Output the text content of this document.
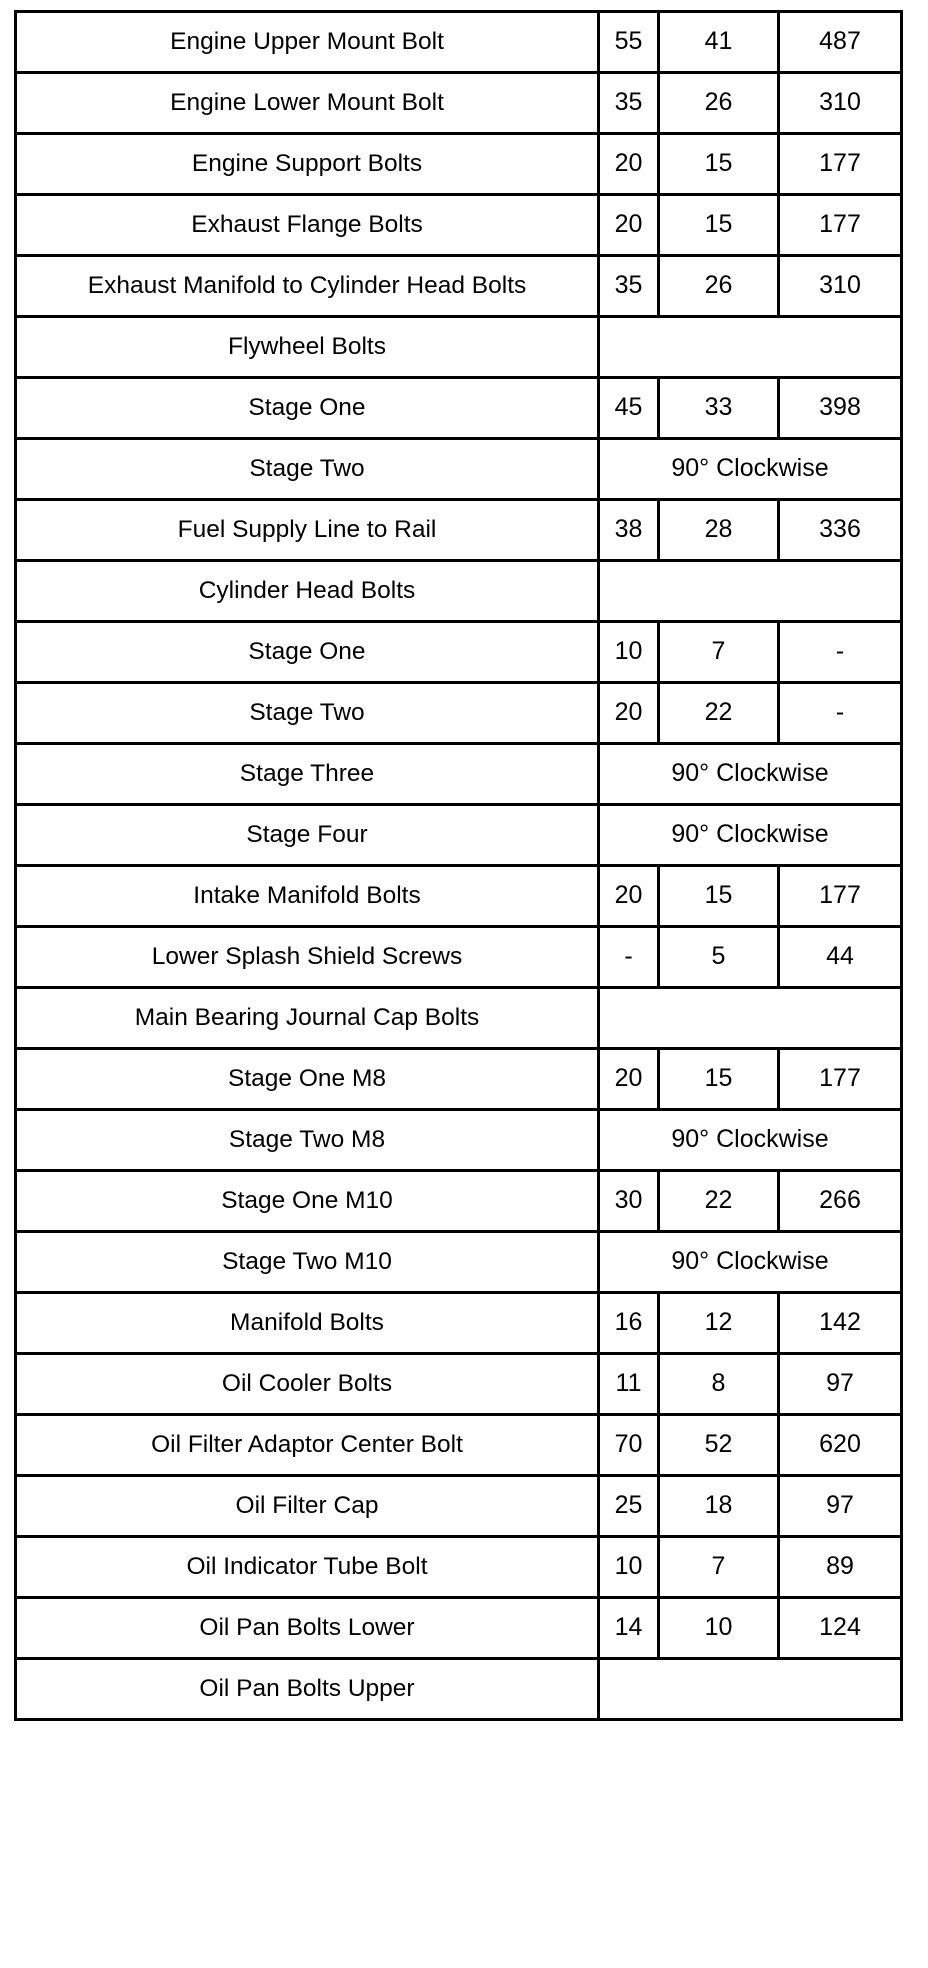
Engine Upper Mount Bolt	55	41	487
Engine Lower Mount Bolt	35	26	310
Engine Support Bolts	20	15	177
Exhaust Flange Bolts	20	15	177
Exhaust Manifold to Cylinder Head Bolts	35	26	310
Flywheel Bolts			
Stage One	45	33	398
Stage Two	90° Clockwise		
Fuel Supply Line to Rail	38	28	336
Cylinder Head Bolts			
Stage One	10	7	-
Stage Two	20	22	-
Stage Three	90° Clockwise		
Stage Four	90° Clockwise		
Intake Manifold Bolts	20	15	177
Lower Splash Shield Screws	-	5	44
Main Bearing Journal Cap Bolts			
Stage One M8	20	15	177
Stage Two M8	90° Clockwise		
Stage One M10	30	22	266
Stage Two M10	90° Clockwise		
Manifold Bolts	16	12	142
Oil Cooler Bolts	11	8	97
Oil Filter Adaptor Center Bolt	70	52	620
Oil Filter Cap	25	18	97
Oil Indicator Tube Bolt	10	7	89
Oil Pan Bolts Lower	14	10	124
Oil Pan Bolts Upper			
